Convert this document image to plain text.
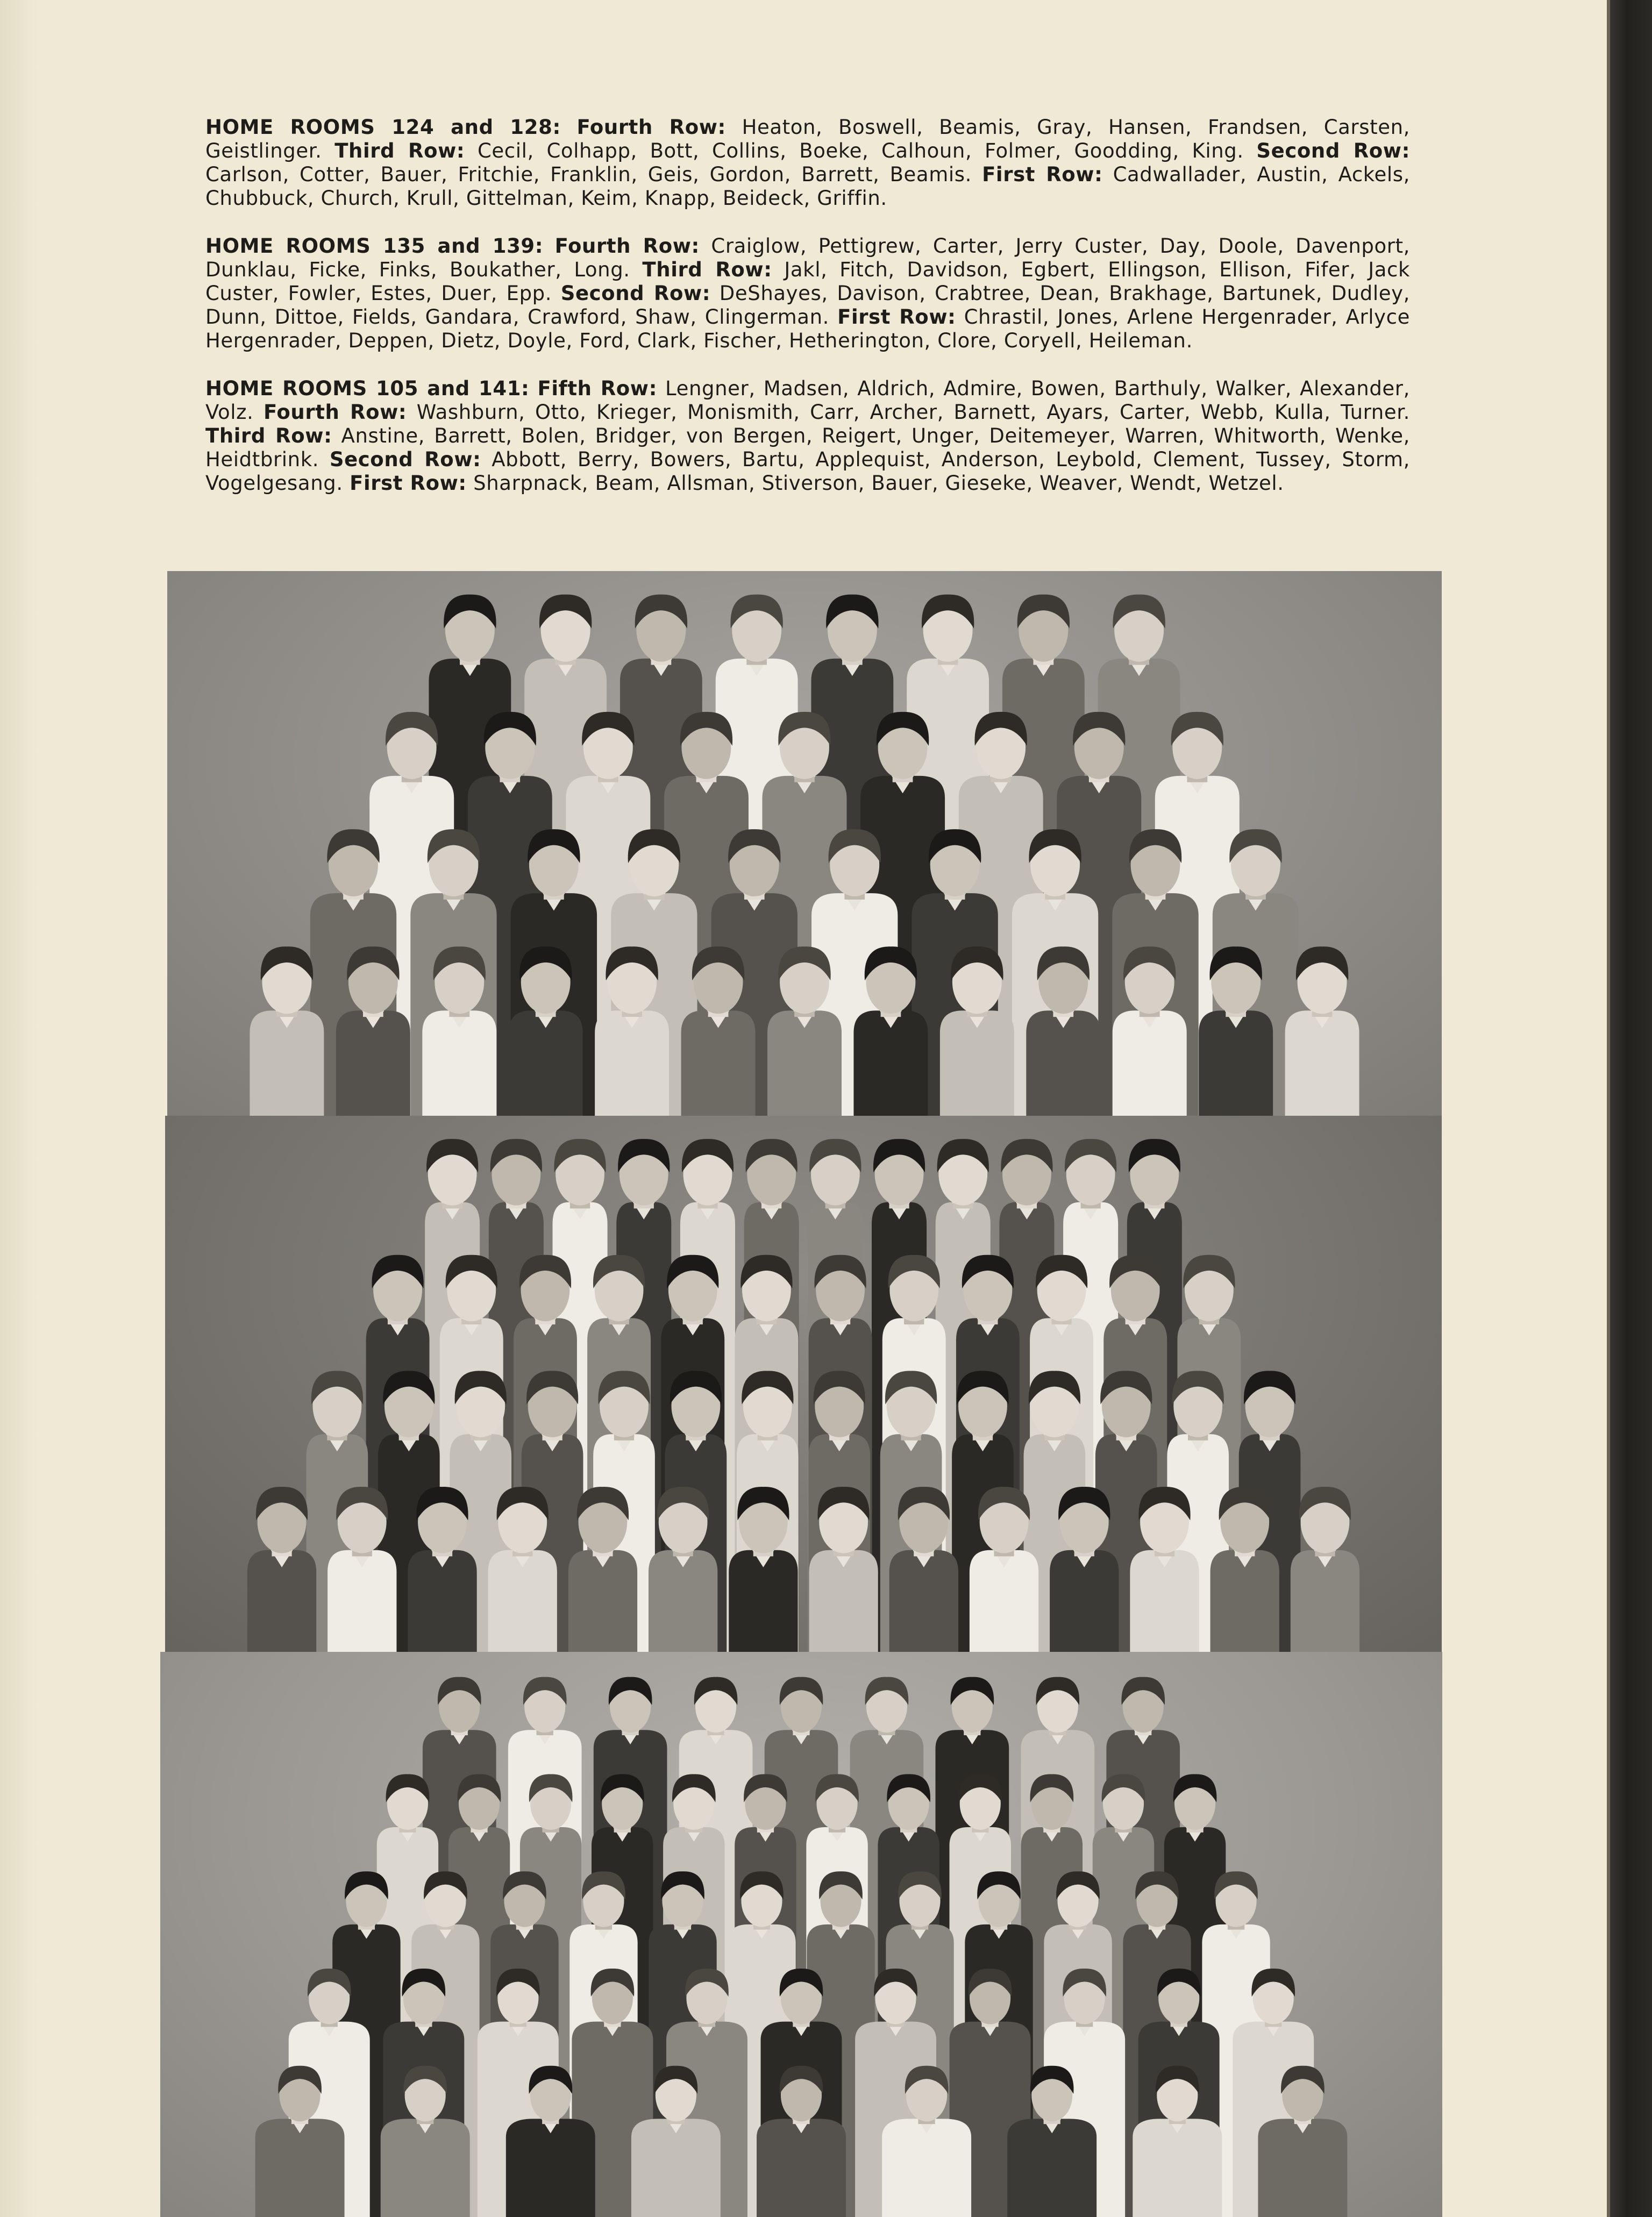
HOME ROOMS 124 and 128: Fourth Row: Heaton, Boswell, Beamis, Gray, Hansen, Frandsen, Carsten, Geistlinger. Third Row: Cecil, Colhapp, Bott, Collins, Boeke, Calhoun, Folmer, Goodding, King. Second Row: Carlson, Cotter, Bauer, Fritchie, Franklin, Geis, Gordon, Barrett, Beamis. First Row: Cadwallader, Austin, Ackels, Chubbuck, Church, Krull, Gittelman, Keim, Knapp, Beideck, Griffin.

HOME ROOMS 135 and 139: Fourth Row: Craiglow, Pettigrew, Carter, Jerry Custer, Day, Doole, Davenport, Dunklau, Ficke, Finks, Boukather, Long. Third Row: Jakl, Fitch, Davidson, Egbert, Ellingson, Ellison, Fifer, Jack Custer, Fowler, Estes, Duer, Epp. Second Row: DeShayes, Davison, Crabtree, Dean, Brakhage, Bartunek, Dudley, Dunn, Dittoe, Fields, Gandara, Crawford, Shaw, Clingerman. First Row: Chrastil, Jones, Arlene Hergenrader, Arlyce Hergenrader, Deppen, Dietz, Doyle, Ford, Clark, Fischer, Hetherington, Clore, Coryell, Heileman.

HOME ROOMS 105 and 141: Fifth Row: Lengner, Madsen, Aldrich, Admire, Bowen, Barthuly, Walker, Alexander, Volz. Fourth Row: Washburn, Otto, Krieger, Monismith, Carr, Archer, Barnett, Ayars, Carter, Webb, Kulla, Turner. Third Row: Anstine, Barrett, Bolen, Bridger, von Bergen, Reigert, Unger, Deitemeyer, Warren, Whitworth, Wenke, Heidtbrink. Second Row: Abbott, Berry, Bowers, Bartu, Applequist, Anderson, Leybold, Clement, Tussey, Storm, Vogelgesang. First Row: Sharpnack, Beam, Allsman, Stiverson, Bauer, Gieseke, Weaver, Wendt, Wetzel.
